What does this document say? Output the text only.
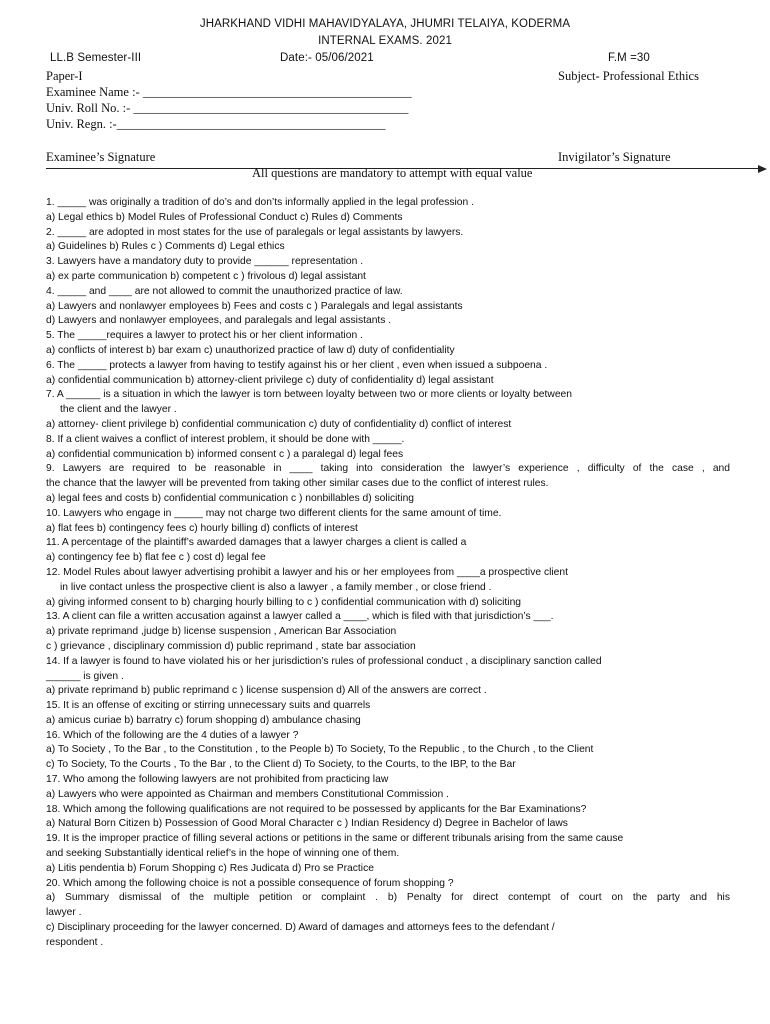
JHARKHAND VIDHI MAHAVIDYALAYA, JHUMRI TELAIYA, KODERMA
INTERNAL EXAMS. 2021
LL.B Semester-III	Date:- 05/06/2021	F.M =30
Paper-I	Subject- Professional Ethics
Examinee Name :- ___________________________________________
Univ. Roll No. :- ____________________________________________
Univ. Regn. :-___________________________________________
Examinee’s Signature	Invigilator’s Signature
All questions are mandatory to attempt with equal value
1. _____ was originally a tradition of do’s and don’ts informally applied in the legal profession .
a) Legal ethics b) Model Rules of Professional Conduct c) Rules d) Comments
2. _____ are adopted in most states for the use of paralegals or legal assistants by lawyers.
a) Guidelines b) Rules c ) Comments d) Legal ethics
3. Lawyers have a mandatory duty to provide ______ representation .
a) ex parte communication b) competent c ) frivolous d) legal assistant
4. _____ and ____ are not allowed to commit the unauthorized practice of law.
a) Lawyers and nonlawyer employees b) Fees and costs c ) Paralegals and legal assistants
d) Lawyers and nonlawyer employees, and paralegals and legal assistants .
5. The _____requires a lawyer to protect his or her client information .
a) conflicts of interest b) bar exam c) unauthorized practice of law d) duty of confidentiality
6. The _____ protects a lawyer from having to testify against his or her client , even when issued a subpoena .
a) confidential communication b) attorney-client privilege c) duty of confidentiality d) legal assistant
7. A ______ is a situation in which the lawyer is torn between loyalty between two or more clients or loyalty between
the client and the lawyer .
a) attorney- client privilege b) confidential communication c) duty of confidentiality d) conflict of interest
8. If a client waives a conflict of interest problem, it should be done with _____.
a) confidential communication b) informed consent c ) a paralegal d) legal fees
9. Lawyers are required to be reasonable in ____ taking into consideration the lawyer’s experience , difficulty of the case , and
the chance that the lawyer will be prevented from taking other similar cases due to the conflict of interest rules.
a) legal fees and costs b) confidential communication c ) nonbillables d) soliciting
10. Lawyers who engage in _____ may not charge two different clients for the same amount of time.
a) flat fees b) contingency fees c) hourly billing d) conflicts of interest
11. A percentage of the plaintiff’s awarded damages that a lawyer charges a client is called a
a) contingency fee b) flat fee c ) cost d) legal fee
12. Model Rules about lawyer advertising prohibit a lawyer and his or her employees from ____a prospective client
in live contact unless the prospective client is also a lawyer , a family member , or close friend .
a) giving informed consent to b) charging hourly billing to c ) confidential communication with d) soliciting
13. A client can file a written accusation against a lawyer called a ____, which is filed with that jurisdiction’s ___.
a) private reprimand ,judge b) license suspension , American Bar Association
c ) grievance , disciplinary commission d) public reprimand , state bar association
14. If a lawyer is found to have violated his or her jurisdiction’s rules of professional conduct , a disciplinary sanction called
______ is given .
a) private reprimand b) public reprimand c ) license suspension d) All of the answers are correct .
15. It is an offense of exciting or stirring unnecessary suits and quarrels
a) amicus curiae b) barratry c) forum shopping d) ambulance chasing
16. Which of the following are the 4 duties of a lawyer ?
a) To Society , To the Bar , to the Constitution , to the People b) To Society, To the Republic , to the Church , to the Client
c) To Society, To the Courts , To the Bar , to the Client d) To Society, to the Courts, to the IBP, to the Bar
17. Who among the following lawyers are not prohibited from practicing law
a) Lawyers who were appointed as Chairman and members Constitutional Commission .
18. Which among the following qualifications are not required to be possessed by applicants for the Bar Examinations?
a) Natural Born Citizen b) Possession of Good Moral Character c ) Indian Residency d) Degree in Bachelor of laws
19. It is the improper practice of filling several actions or petitions in the same or different tribunals arising from the same cause
and seeking Substantially identical relief’s in the hope of winning one of them.
a) Litis pendentia b) Forum Shopping c) Res Judicata d) Pro se Practice
20. Which among the following choice is not a possible consequence of forum shopping ?
a) Summary dismissal of the multiple petition or complaint . b) Penalty for direct contempt of court on the party and his
lawyer .
c) Disciplinary proceeding for the lawyer concerned. D) Award of damages and attorneys fees to the defendant /
respondent .
